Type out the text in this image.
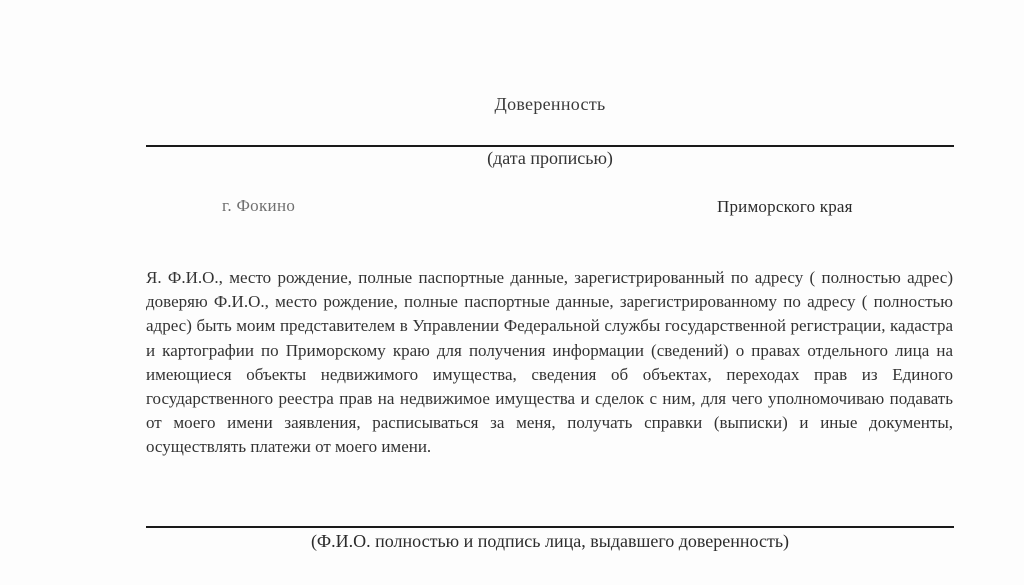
Доверенность
(дата прописью)
г. Фокино	Приморского края
Я. Ф.И.О., место рождение, полные паспортные данные, зарегистрированный по адресу ( полностью адрес) доверяю Ф.И.О., место рождение, полные паспортные данные, зарегистрированному по адресу ( полностью адрес) быть моим представителем в Управлении Федеральной службы государственной регистрации, кадастра и картографии по Приморскому краю для получения информации (сведений) о правах отдельного лица на имеющиеся объекты недвижимого имущества, сведения об объектах, переходах прав из Единого государственного реестра прав на недвижимое имущества и сделок с ним, для чего уполномочиваю подавать от моего имени заявления, расписываться за меня, получать справки (выписки) и иные документы, осуществлять платежи от моего имени.
(Ф.И.О. полностью и подпись лица, выдавшего доверенность)
